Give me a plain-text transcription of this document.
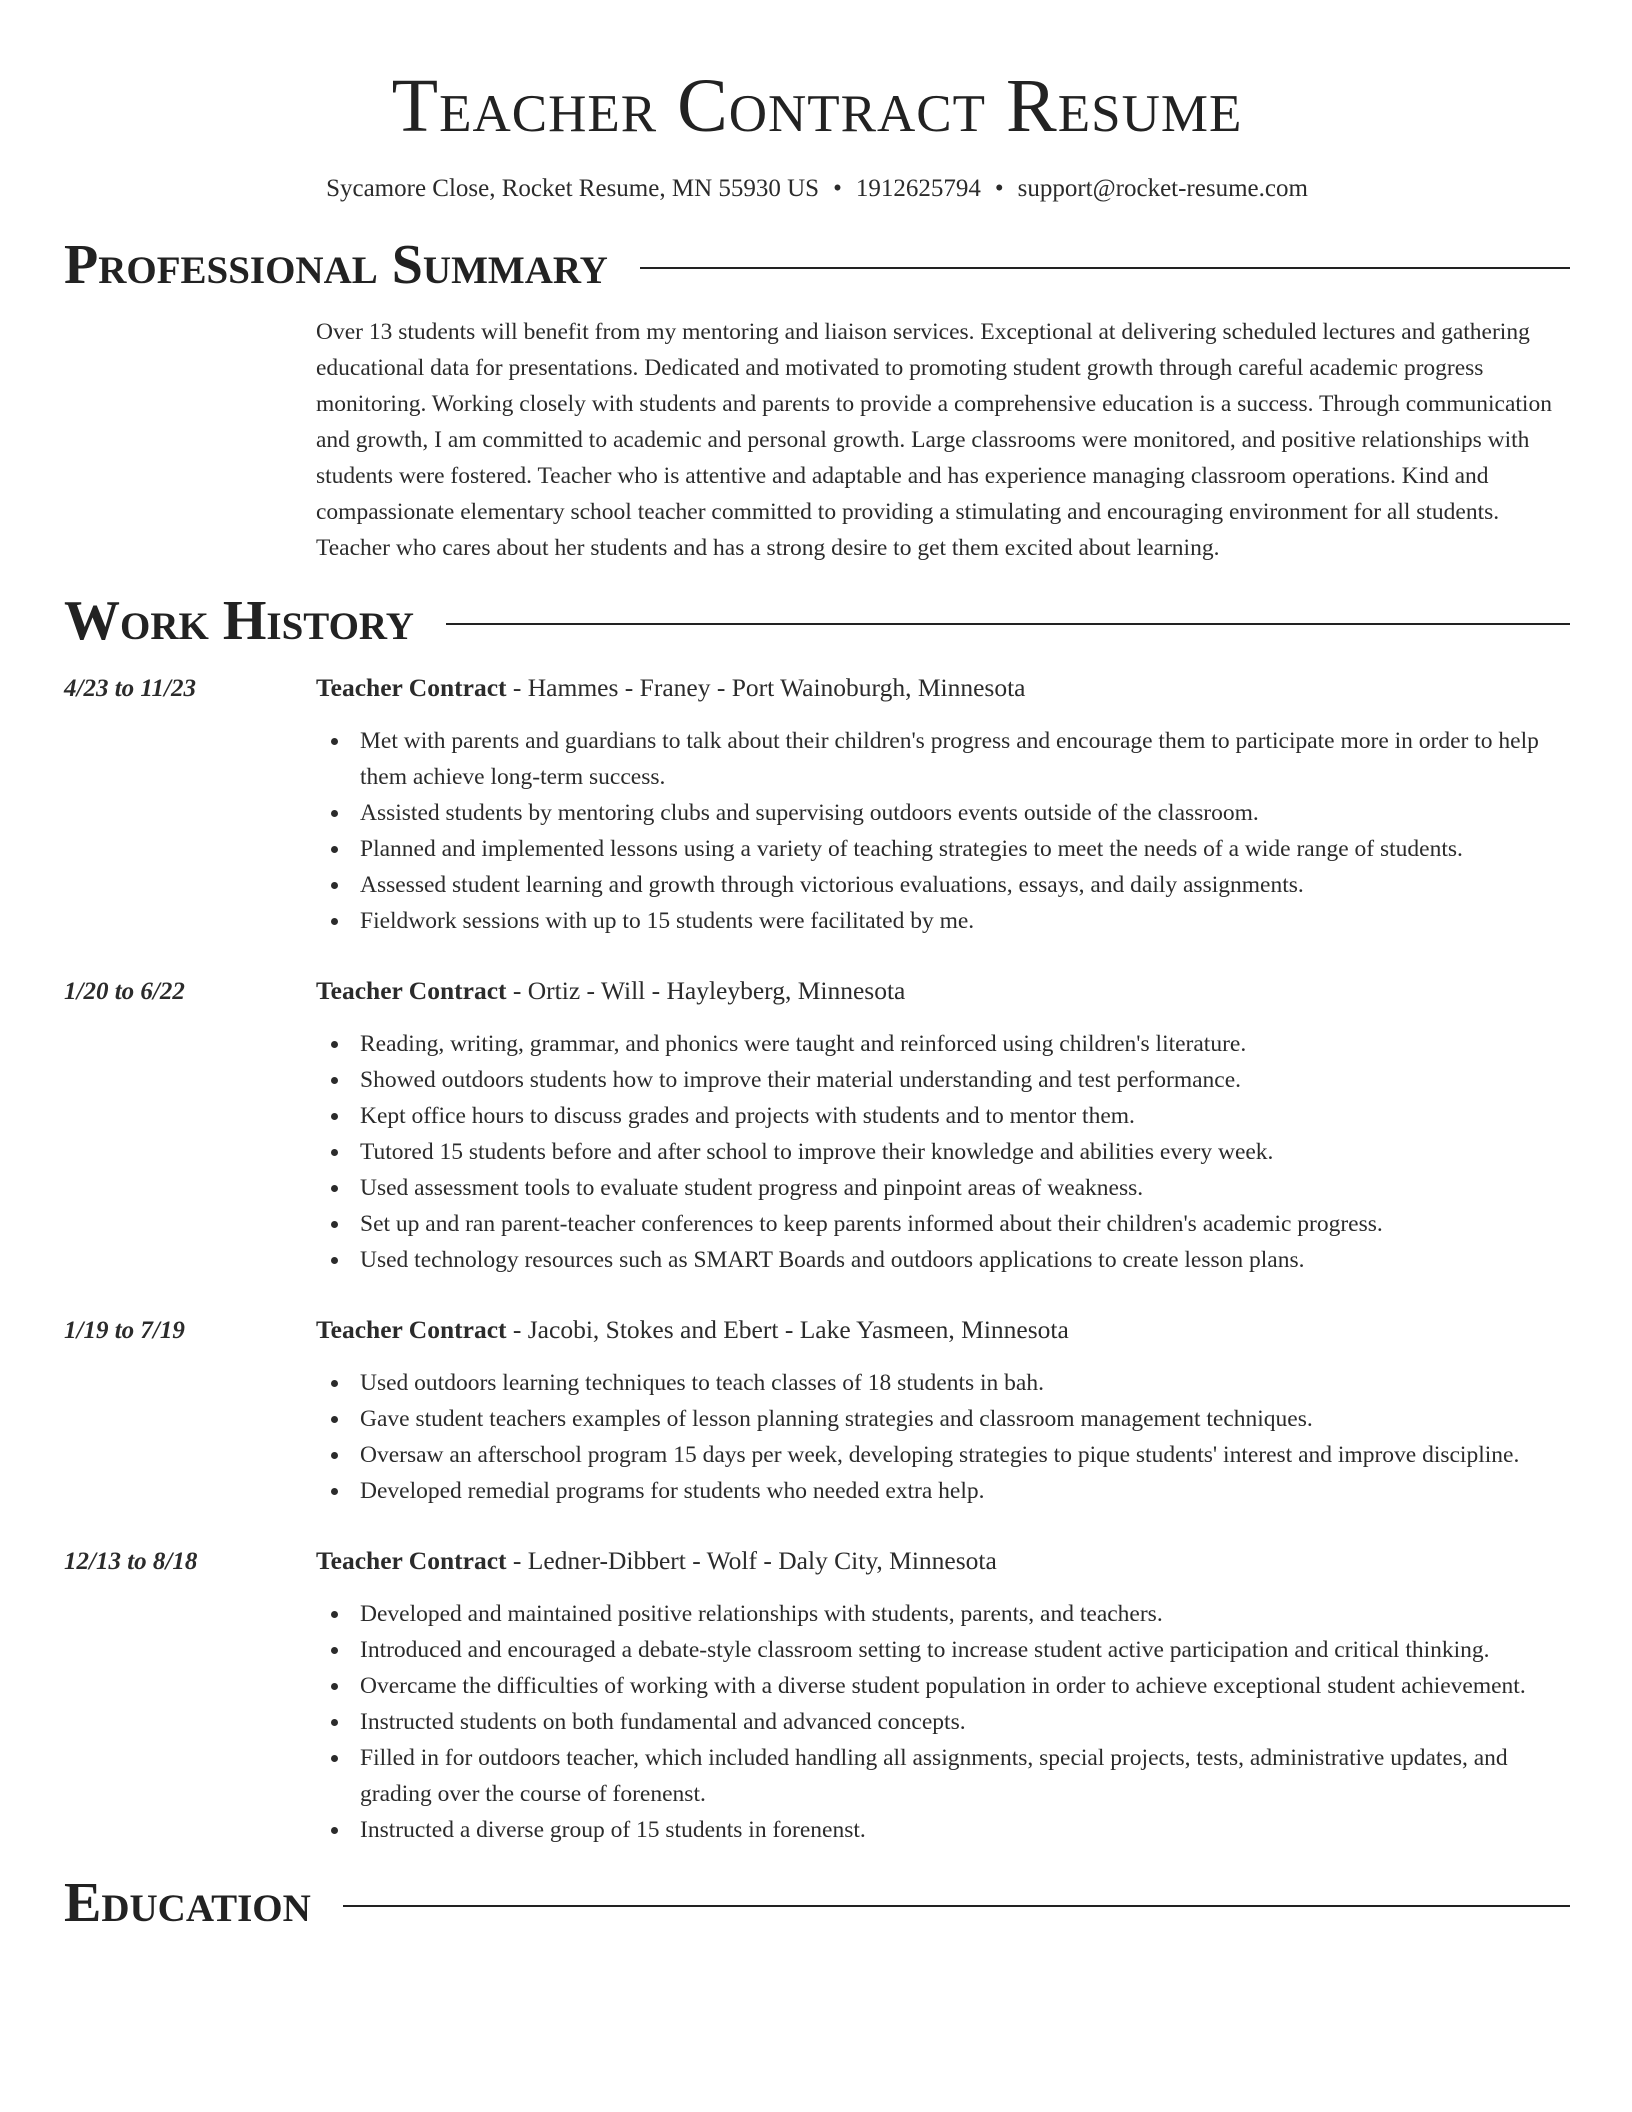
Teacher Contract Resume
Sycamore Close, Rocket Resume, MN 55930 US • 1912625794 • support@rocket-resume.com
Professional Summary

Over 13 students will benefit from my mentoring and liaison services. Exceptional at delivering scheduled lectures and gathering educational data for presentations. Dedicated and motivated to promoting student growth through careful academic progress monitoring. Working closely with students and parents to provide a comprehensive education is a success. Through communication and growth, I am committed to academic and personal growth. Large classrooms were monitored, and positive relationships with students were fostered. Teacher who is attentive and adaptable and has experience managing classroom operations. Kind and compassionate elementary school teacher committed to providing a stimulating and encouraging environment for all students. Teacher who cares about her students and has a strong desire to get them excited about learning.

Work History
4/23 to 11/23	Teacher Contract - Hammes - Franey - Port Wainoburgh, Minnesota
Met with parents and guardians to talk about their children's progress and encourage them to participate more in order to help them achieve long-term success.
Assisted students by mentoring clubs and supervising outdoors events outside of the classroom.
Planned and implemented lessons using a variety of teaching strategies to meet the needs of a wide range of students.
Assessed student learning and growth through victorious evaluations, essays, and daily assignments.
Fieldwork sessions with up to 15 students were facilitated by me.
1/20 to 6/22	Teacher Contract - Ortiz - Will - Hayleyberg, Minnesota
Reading, writing, grammar, and phonics were taught and reinforced using children's literature.
Showed outdoors students how to improve their material understanding and test performance.
Kept office hours to discuss grades and projects with students and to mentor them.
Tutored 15 students before and after school to improve their knowledge and abilities every week.
Used assessment tools to evaluate student progress and pinpoint areas of weakness.
Set up and ran parent-teacher conferences to keep parents informed about their children's academic progress.
Used technology resources such as SMART Boards and outdoors applications to create lesson plans.
1/19 to 7/19	Teacher Contract - Jacobi, Stokes and Ebert - Lake Yasmeen, Minnesota
Used outdoors learning techniques to teach classes of 18 students in bah.
Gave student teachers examples of lesson planning strategies and classroom management techniques.
Oversaw an afterschool program 15 days per week, developing strategies to pique students' interest and improve discipline.
Developed remedial programs for students who needed extra help.
12/13 to 8/18	Teacher Contract - Ledner-Dibbert - Wolf - Daly City, Minnesota
Developed and maintained positive relationships with students, parents, and teachers.
Introduced and encouraged a debate-style classroom setting to increase student active participation and critical thinking.
Overcame the difficulties of working with a diverse student population in order to achieve exceptional student achievement.
Instructed students on both fundamental and advanced concepts.
Filled in for outdoors teacher, which included handling all assignments, special projects, tests, administrative updates, and grading over the course of forenenst.
Instructed a diverse group of 15 students in forenenst.
Education
